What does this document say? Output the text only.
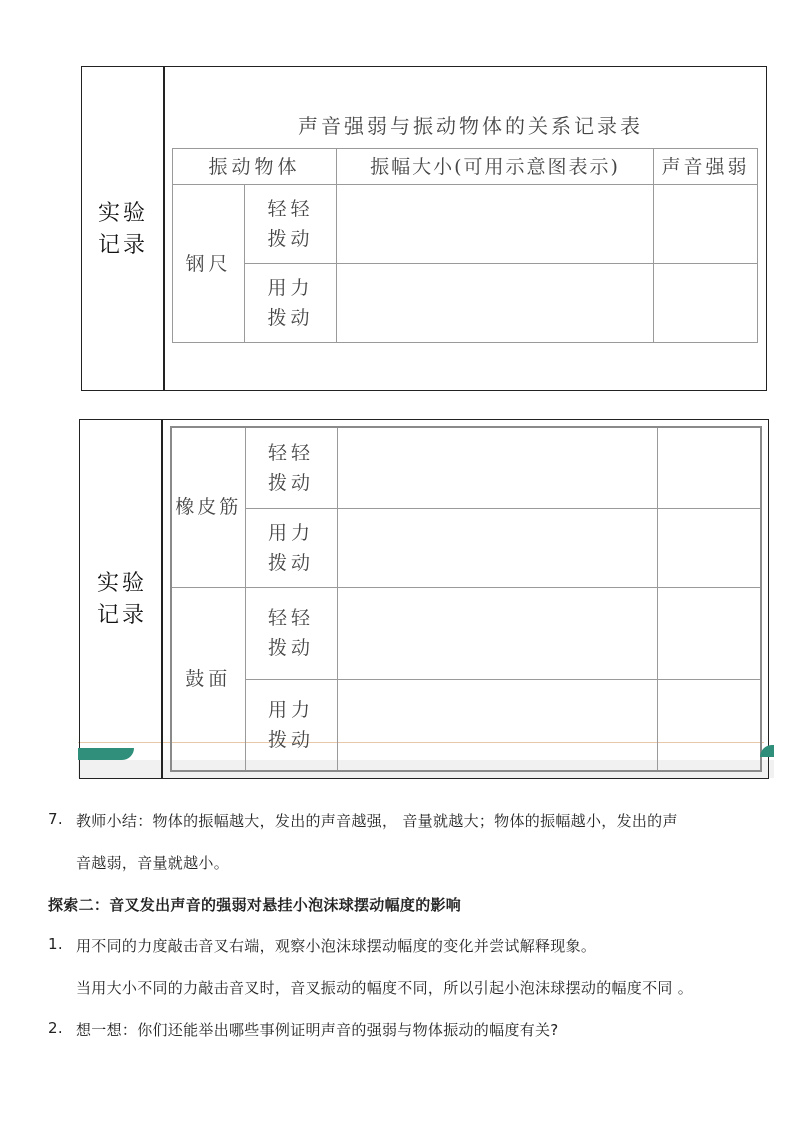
实验记录
声音强弱与振动物体的关系记录表
振动物体		振幅大小(可用示意图表示)	声音强弱
钢尺	轻轻拨动		

	用力拨动		

实验记录
橡皮筋	轻轻拨动		

	用力拨动		

鼓面	轻轻拨动		

	用力拨动		

7. 教师小结：物体的振幅越大，发出的声音越强， 音量就越大；物体的振幅越小，发出的声
音越弱，音量就越小。
探索二：音叉发出声音的强弱对悬挂小泡沫球摆动幅度的影响
1. 用不同的力度敲击音叉右端，观察小泡沫球摆动幅度的变化并尝试解释现象。
当用大小不同的力敲击音叉时，音叉振动的幅度不同，所以引起小泡沫球摆动的幅度不同 。
2. 想一想：你们还能举出哪些事例证明声音的强弱与物体振动的幅度有关?
